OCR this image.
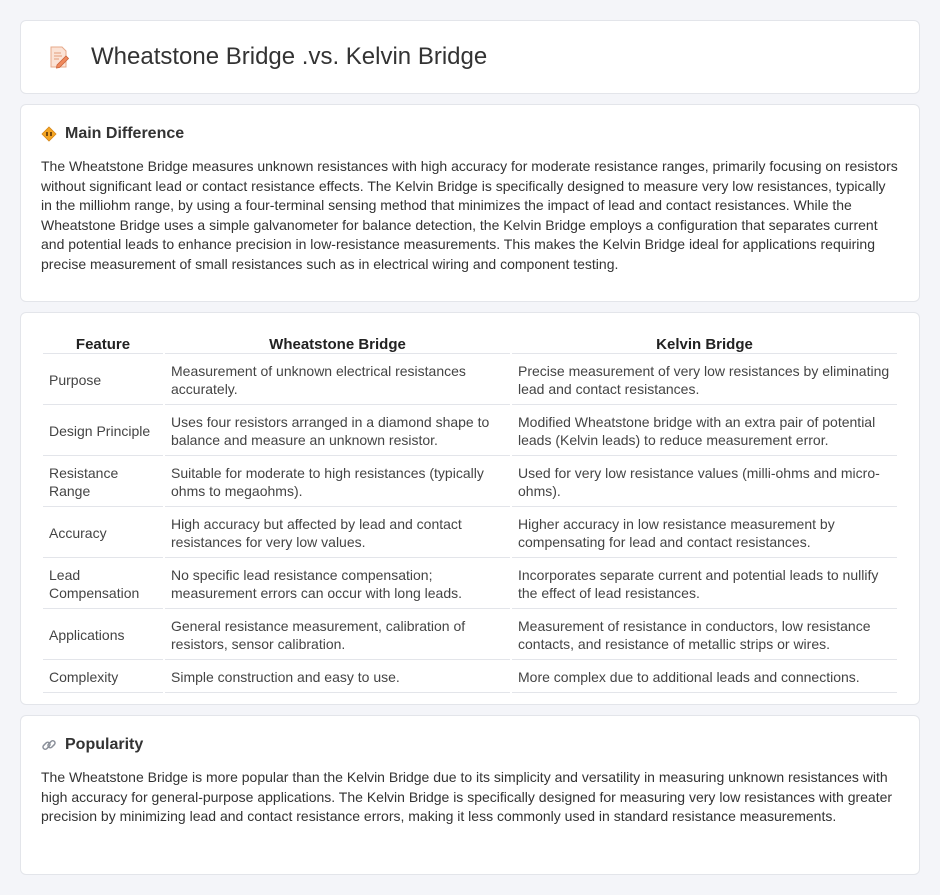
Wheatstone Bridge .vs. Kelvin Bridge
Main Difference

The Wheatstone Bridge measures unknown resistances with high accuracy for moderate resistance ranges, primarily focusing on resistors without significant lead or contact resistance effects. The Kelvin Bridge is specifically designed to measure very low resistances, typically in the milliohm range, by using a four-terminal sensing method that minimizes the impact of lead and contact resistances. While the Wheatstone Bridge uses a simple galvanometer for balance detection, the Kelvin Bridge employs a configuration that separates current and potential leads to enhance precision in low-resistance measurements. This makes the Kelvin Bridge ideal for applications requiring precise measurement of small resistances such as in electrical wiring and component testing.

Feature	Wheatstone Bridge	Kelvin Bridge
Purpose	Measurement of unknown electrical resistances accurately.	Precise measurement of very low resistances by eliminating lead and contact resistances.
Design Principle	Uses four resistors arranged in a diamond shape to balance and measure an unknown resistor.	Modified Wheatstone bridge with an extra pair of potential leads (Kelvin leads) to reduce measurement error.
Resistance Range	Suitable for moderate to high resistances (typically ohms to megaohms).	Used for very low resistance values (milli-ohms and micro-ohms).
Accuracy	High accuracy but affected by lead and contact resistances for very low values.	Higher accuracy in low resistance measurement by compensating for lead and contact resistances.
Lead Compensation	No specific lead resistance compensation; measurement errors can occur with long leads.	Incorporates separate current and potential leads to nullify the effect of lead resistances.
Applications	General resistance measurement, calibration of resistors, sensor calibration.	Measurement of resistance in conductors, low resistance contacts, and resistance of metallic strips or wires.
Complexity	Simple construction and easy to use.	More complex due to additional leads and connections.
Popularity

The Wheatstone Bridge is more popular than the Kelvin Bridge due to its simplicity and versatility in measuring unknown resistances with high accuracy for general-purpose applications. The Kelvin Bridge is specifically designed for measuring very low resistances with greater precision by minimizing lead and contact resistance errors, making it less commonly used in standard resistance measurements.
